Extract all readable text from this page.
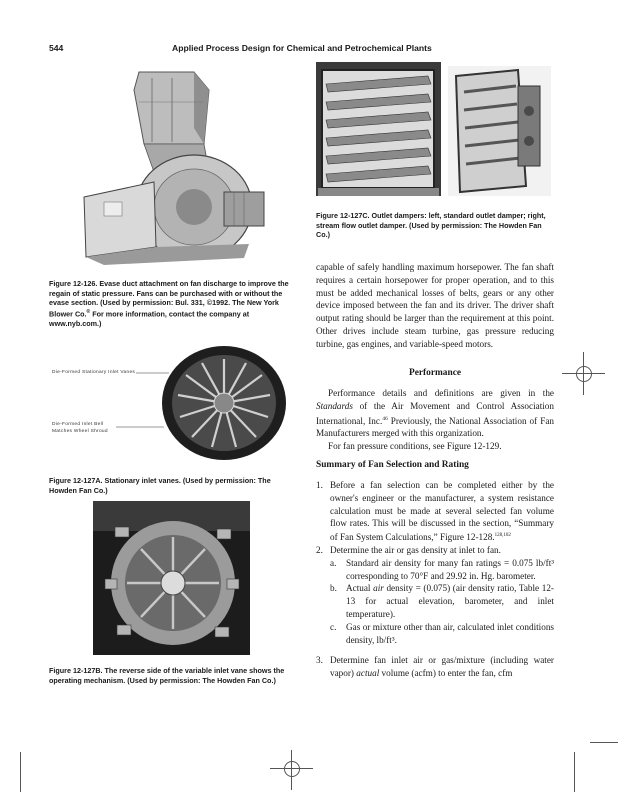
544	Applied Process Design for Chemical and Petrochemical Plants
Figure 12-126. Evase duct attachment on fan discharge to improve the regain of static pressure. Fans can be purchased with or without the evase section. (Used by permission: Bul. 331, ©1992. The New York Blower Co.® For more information, contact the company at www.nyb.com.)
Figure 12-127C. Outlet dampers: left, standard outlet damper; right, stream flow outlet damper. (Used by permission: The Howden Fan Co.)
capable of safely handling maximum horsepower. The fan shaft requires a certain horsepower for proper operation, and to this must be added mechanical losses of belts, gears or any other device imposed between the fan and its driver. The driver shaft output rating should be larger than the requirement at this point. Other drives include steam turbine, gas pressure reducing turbine, gas engines, and variable-speed motors.
Performance

Performance details and definitions are given in the Standards of the Air Movement and Control Association International, Inc.$^{46}$ Previously, the National Association of Fan Manufacturers merged with this organization.

For fan pressure conditions, see Figure 12-129.

Summary of Fan Selection and Rating
1. Before a fan selection can be completed either by the owner's engineer or the manufacturer, a system resistance calculation must be made at several selected fan volume flow rates. This will be discussed in the section, “Summary of Fan System Calculations,” Figure 12-128.$^{128,102}$
2. Determine the air or gas density at inlet to fan.
a. Standard air density for many fan ratings = 0.075 lb/ft³ corresponding to 70°F and 29.92 in. Hg. barometer.
b. Actual air density = (0.075) (air density ratio, Table 12-13 for actual elevation, barometer, and inlet temperature).
c. Gas or mixture other than air, calculated inlet conditions density, lb/ft³.
3. Determine fan inlet air or gas/mixture (including water vapor) actual volume (acfm) to enter the fan, cfm
Die-Formed Stationary Inlet Vanes
Die-Formed Inlet Bell
Matches Wheel Shroud
Figure 12-127A. Stationary inlet vanes. (Used by permission: The Howden Fan Co.)
Figure 12-127B. The reverse side of the variable inlet vane shows the operating mechanism. (Used by permission: The Howden Fan Co.)
